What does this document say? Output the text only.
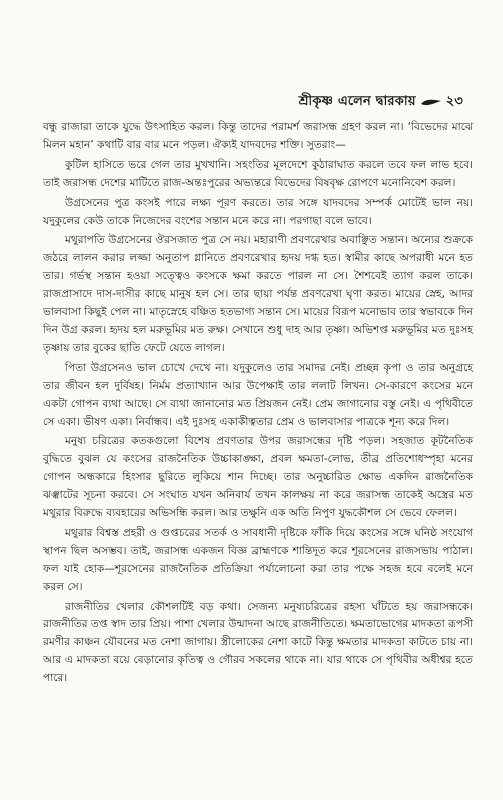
শ্রীকৃষ্ণ এলেন দ্বারকায় ২৩

বন্ধু রাজারা তাকে যুদ্ধে উৎসাহিত করল। কিন্তু তাদের পরামর্শ জরাসন্ধ গ্রহণ করল না। ‘বিভেদের মাঝে মিলন মহান’ কথাটি বার বার মনে পড়ল। ঐক্যই যাদবদের শক্তি। সুতরাং—

কুটিল হাসিতে ভরে গেল তার মুখখানি। সহংতির মূলদেশে কুঠারাঘাত করলে তবে ফল লাভ হবে। তাই জরাসন্ধ দেশের মাটিতে রাজ-অন্তঃপুরের অভ্যন্তরে বিভেদের বিষবৃক্ষ রোপণে মনোনিবেশ করল।

উগ্রসেনের পুত্র কংসই পারে লক্ষ্য পূরণ করতে। তার সঙ্গে যাদবদের সম্পর্ক মোটেই ভাল নয়। যদুকুলের কেউ তাকে নিজেদের বংশের সন্তান মনে করে না। পরগাছা বলে ভাবে।

মথুরাপতি উগ্রসেনের ঔরসজাত পুত্র সে নয়। মহারাণী প্রবণরেখার অবাঞ্ছিত সন্তান। অন্যের শুক্রকে জঠরে লালন করার লজ্জা অনুতাপ গ্লানিতে প্রবণরেখার হৃদয় দগ্ধ হত। স্বামীর কাছে অপরাধী মনে হত তার। গর্ভস্থ সন্তান হওয়া সত্ত্বেও কংসকে ক্ষমা করতে পারল না সে। শৈশবেই ত্যাগ করল তাকে। রাজপ্রাসাদে দাস-দাসীর কাছে মানুষ হল সে। তার ছায়া পর্যন্ত প্রবণরেখা ঘৃণা করত। মায়ের স্নেহ, আদর ভালবাসা কিছুই পেল না। মাতৃস্নেহে বঞ্চিত হতভাগ্য সন্তান সে। মায়ের বিরূপ মনোভাব তার স্বভাবকে দিন দিন উগ্র করল। হৃদয় হল মরুভূমির মত রুক্ষ। সেখানে শুধু দাহ আর তৃষ্ণা। অভিশপ্ত মরুভূমির মত দুঃসহ তৃষ্ণায় তার বুকের ছাতি ফেটে যেতে লাগল।

পিতা উগ্রসেনও ভাল চোখে দেখে না। যদুকুলেও তার সমাদর নেই। প্রচ্ছন্ন কৃপা ও তার অনুগ্রহে তার জীবন হল দুর্বিষহ। নির্মম প্রত্যাখ্যান আর উপেক্ষাই তার ললাট লিখন। সে-কারণে কংসের মনে একটা গোপন ব্যথা আছে। সে ব্যথা জানানোর মত প্রিয়জন নেই। প্রেম জাগানোর বস্তু নেই। এ পৃথিবীতে সে একা। ভীষণ একা। নির্বান্ধব। এই দুঃসহ একাকীত্বতার প্রেম ও ভালবাসার পাত্রকে শূন্য করে দিল।

মনুষ্য চরিত্রের কতকগুলো বিশেষ প্রবণতার উপর জরাসন্ধের দৃষ্টি পড়ল। সহজাত কূটনৈতিক বুদ্ধিতে বুঝল যে কংসের রাজনৈতিক উচ্চাকাঙ্ক্ষা, প্রবল ক্ষমতা-লোভ, তীব্র প্রতিশোধস্পৃহা মনের গোপন অন্ধকারে হিংসার ছুরিতে লুকিয়ে শান দিচ্ছে। তার অনুচ্চারিত ক্ষোভ একদিন রাজনৈতিক ঝঞ্ঝাটের সূচনা করবে। সে সংঘাত যখন অনিবার্য তখন কালক্ষয় না করে জরাসন্ধ তাকেই অস্ত্রের মত মথুরার বিরুদ্ধে ব্যবহারের অভিসন্ধি করল। আর তক্ষুনি এক অতি নিপুণ যুদ্ধকৌশল সে ভেবে ফেলল।

মথুরার বিশ্বস্ত প্রহরী ও গুপ্তচরের সতর্ক ও সাবধানী দৃষ্টিকে ফাঁকি দিয়ে কংসের সঙ্গে ঘনিষ্ঠ সংযোগ স্থাপন ছিল অসম্ভব। তাই, জরাসন্ধ একজন বিজ্ঞ ব্রাহ্মণকে শান্তিদূত করে শূরসেনের রাজসভায় পাঠাল। ফল যাই হোক—শূরসেনের রাজনৈতিক প্রতিক্রিয়া পর্যালোচনা করা তার পক্ষে সহজ হবে বলেই মনে করল সে।

রাজনীতির খেলার কৌশলটিই বড় কথা। সেজন্য মনুষ্যচরিত্রের রহস্য ঘাঁটতে হয় জরাসন্ধকে। রাজনীতির তপ্ত স্বাদ তার প্রিয়। পাশা খেলার উন্মাদনা আছে রাজনীতিতে। ক্ষমতাভোগের মাদকতা রূপসী রমণীর কাঞ্চন যৌবনের মত নেশা জাগায়। স্ত্রীলোকের নেশা কাটে কিন্তু ক্ষমতার মাদকতা কাটতে চায় না। আর এ মাদকতা বয়ে বেড়ানোর কৃতিত্ব ও গৌরব সকলের থাকে না। যার থাকে সে পৃথিবীর অধীশ্বর হতে পারে।
